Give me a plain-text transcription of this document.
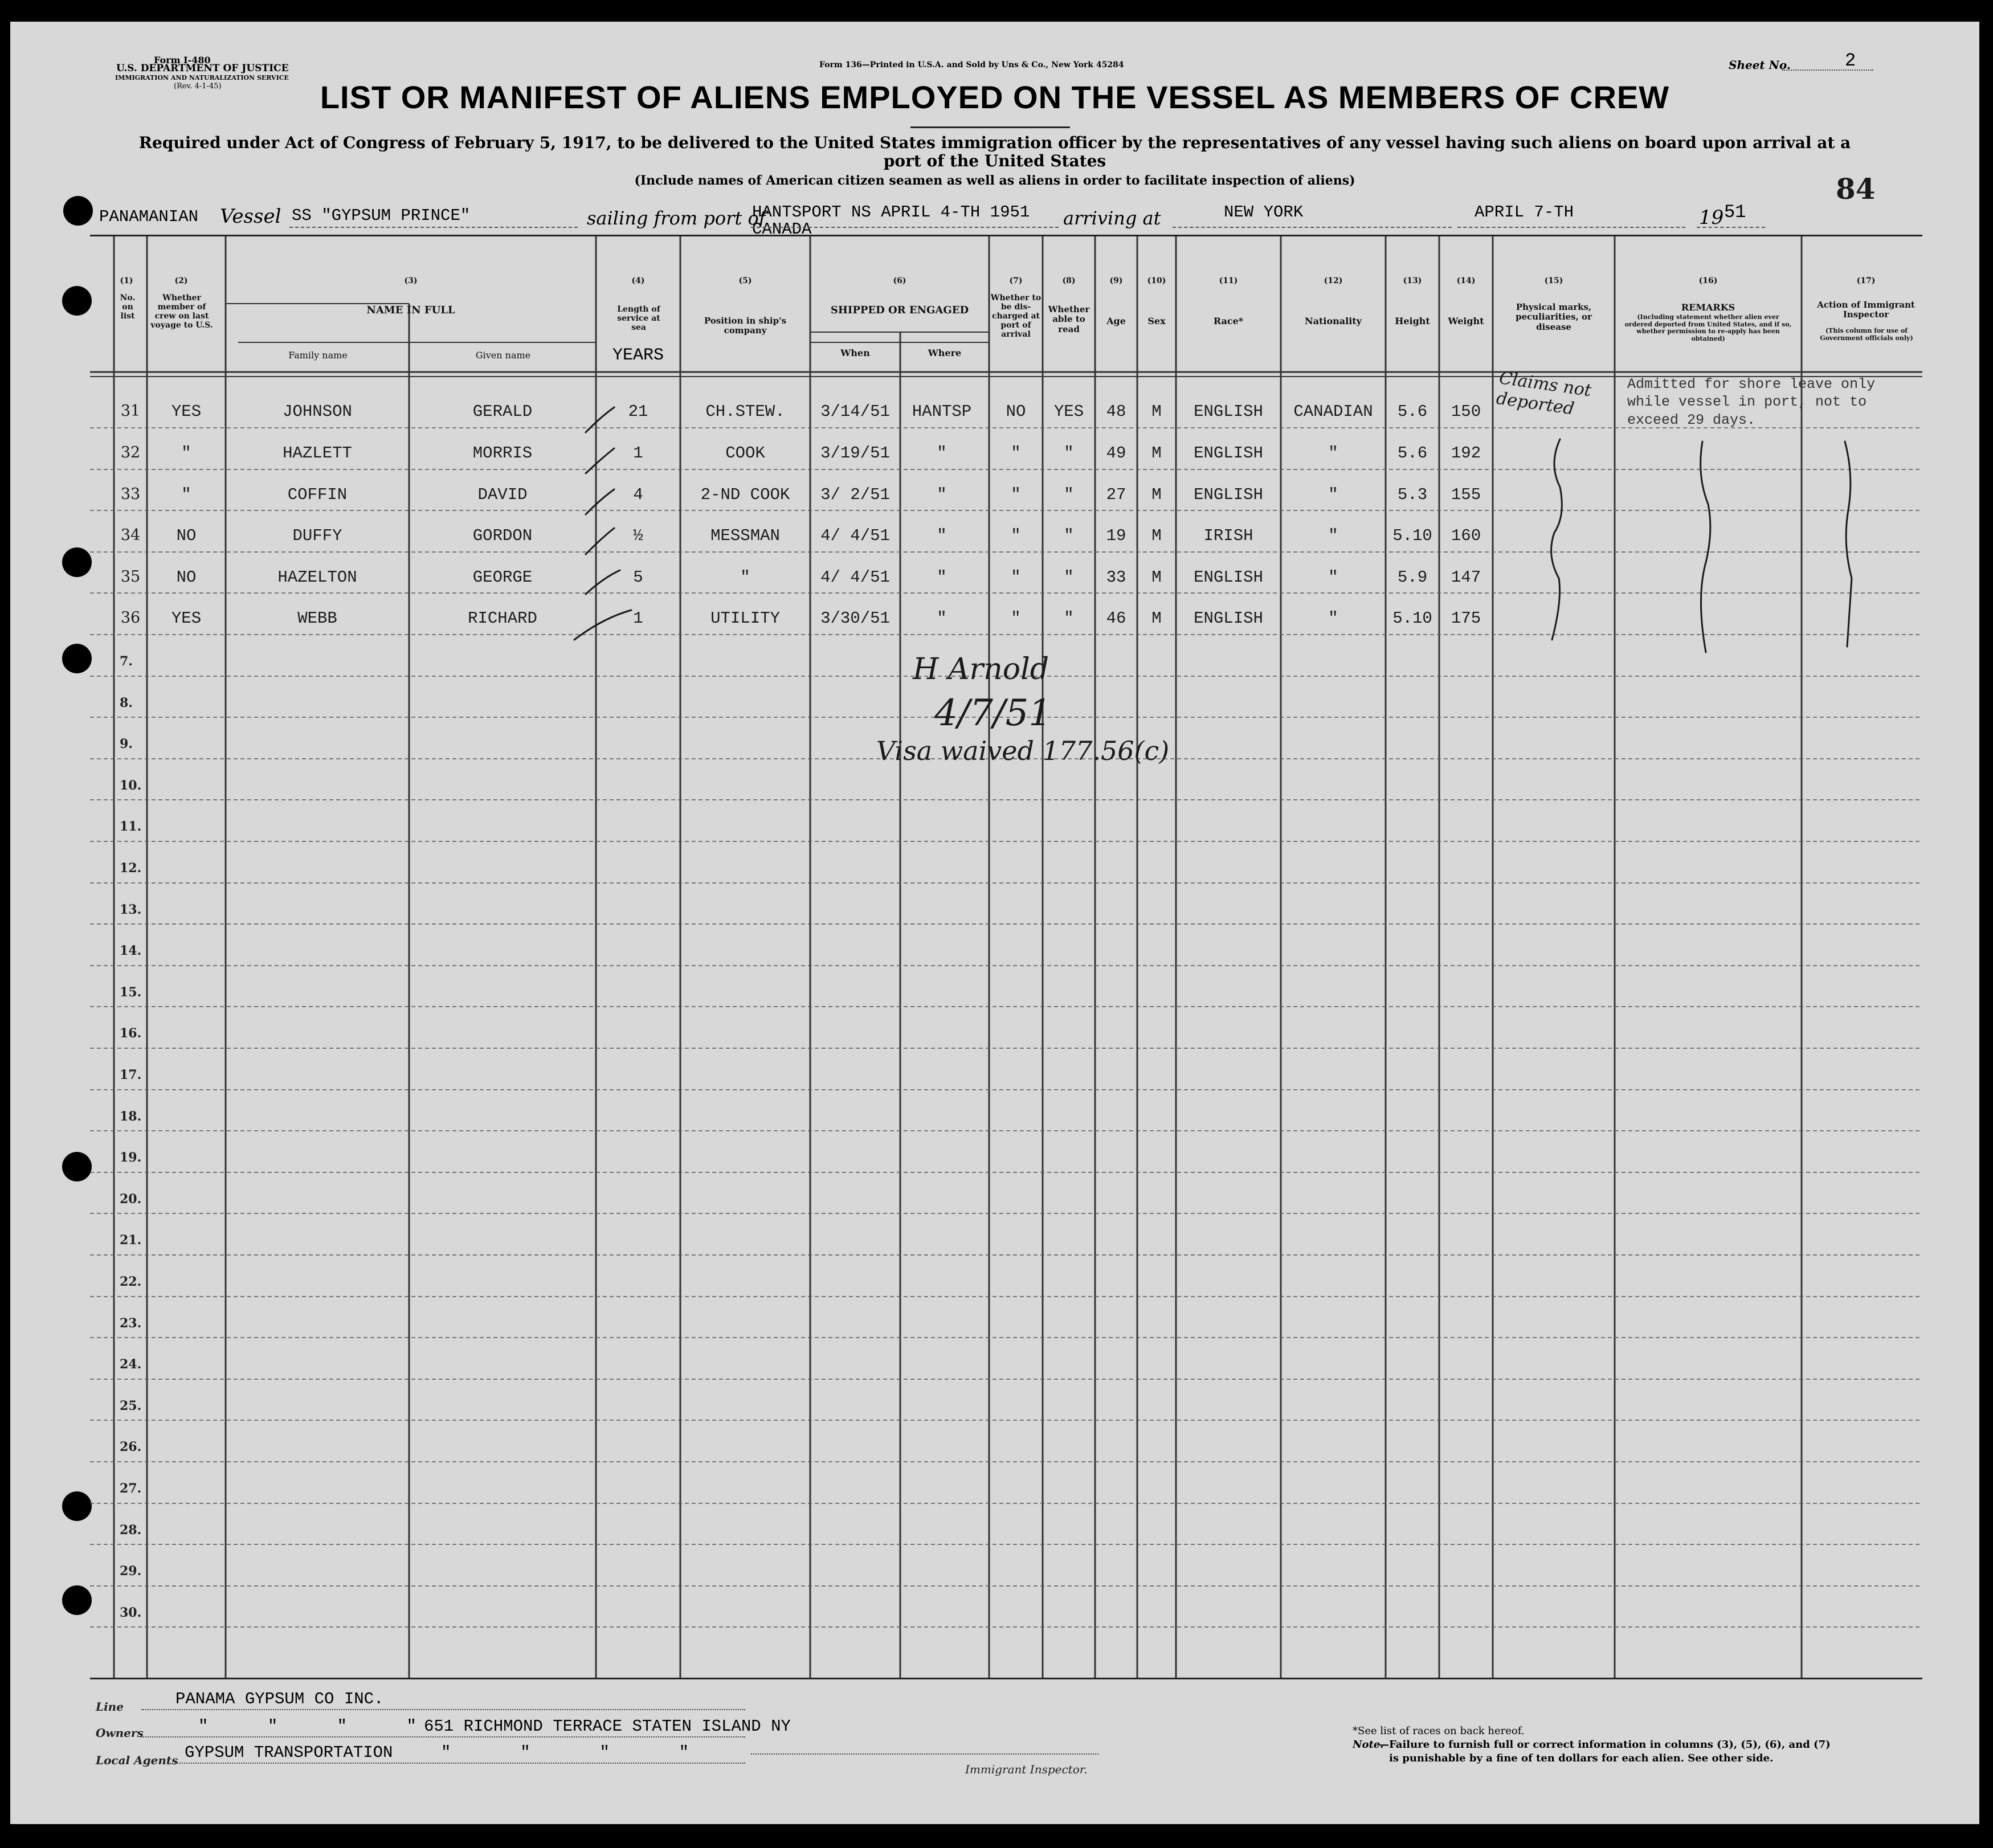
Form I-480
U.S. DEPARTMENT OF JUSTICE
IMMIGRATION AND NATURALIZATION SERVICE
(Rev. 4-1-45)
Form 136—Printed in U.S.A. and Sold by Uns & Co., New York 45284	Sheet No.	2
LIST OR MANIFEST OF ALIENS EMPLOYED ON THE VESSEL AS MEMBERS OF CREW
Required under Act of Congress of February 5, 1917, to be delivered to the United States immigration officer by the representatives of any vessel having such aliens on board upon arrival at a
port of the United States
(Include names of American citizen seamen as well as aliens in order to facilitate inspection of aliens)	84
PANAMANIAN Vessel SS "GYPSUM PRINCE"	sailing from port of
HANTSPORT NS APRIL 4-TH 1951
CANADA
arriving at	NEW YORK	APRIL 7-TH	19 51
(1)
No. on list
(2)
Whether member of crew on last voyage to U.S.
(3)
NAME IN FULL
Family name	Given name
(4)
Length of service at sea
YEARS
(5)
Position in ship's company
(6)
SHIPPED OR ENGAGED
When	Where
(7)
Whether to be dis-charged at port of arrival
(8)
Whether able to read
(9)
Age
(10)
Sex
(11)
Race*
(12)
Nationality
(13)
Height
(14)
Weight
(15)
Physical marks, peculiarities, or disease
(16)
REMARKS
(Including statement whether alien ever ordered deported from United States, and if so, whether permission to re-apply has been obtained)
(17)
Action of Immigrant Inspector
(This column for use of Government officials only)
31	YES	JOHNSON	GERALD	21	CH.STEW.	3/14/51	HANTSP	NO	YES	48	M	ENGLISH	CANADIAN	5.6	150
32	"	HAZLETT	MORRIS	1	COOK	3/19/51	"	"	"	49	M	ENGLISH	"	5.6	192
33	"	COFFIN	DAVID	4	2-ND COOK	3/ 2/51	"	"	"	27	M	ENGLISH	"	5.3	155
34	NO	DUFFY	GORDON	½	MESSMAN	4/ 4/51	"	"	"	19	M	IRISH	"	5.10	160
35	NO	HAZELTON	GEORGE	5	"	4/ 4/51	"	"	"	33	M	ENGLISH	"	5.9	147
36	YES	WEBB	RICHARD	1	UTILITY	3/30/51	"	"	"	46	M	ENGLISH	"	5.10	175
7.
8.
9.
10.
11.
12.
13.
14.
15.
16.
17.
18.
19.
20.
21.
22.
23.
24.
25.
26.
27.
28.
29.
30.
Claims not deported
Admitted for shore leave only while vessel in port, not to exceed 29 days.
H Arnold
4/7/51
Visa waived 177.56(c)
Line	PANAMA GYPSUM CO INC.
Owners	"      "      "      " 651 RICHMOND TERRACE STATEN ISLAND NY
Local Agents GYPSUM TRANSPORTATION	"       "       "       "
Immigrant Inspector.
*See list of races on back hereof.
Note.
—Failure to furnish full or correct information in columns (3), (5), (6), and (7)
is punishable by a fine of ten dollars for each alien. See other side.
